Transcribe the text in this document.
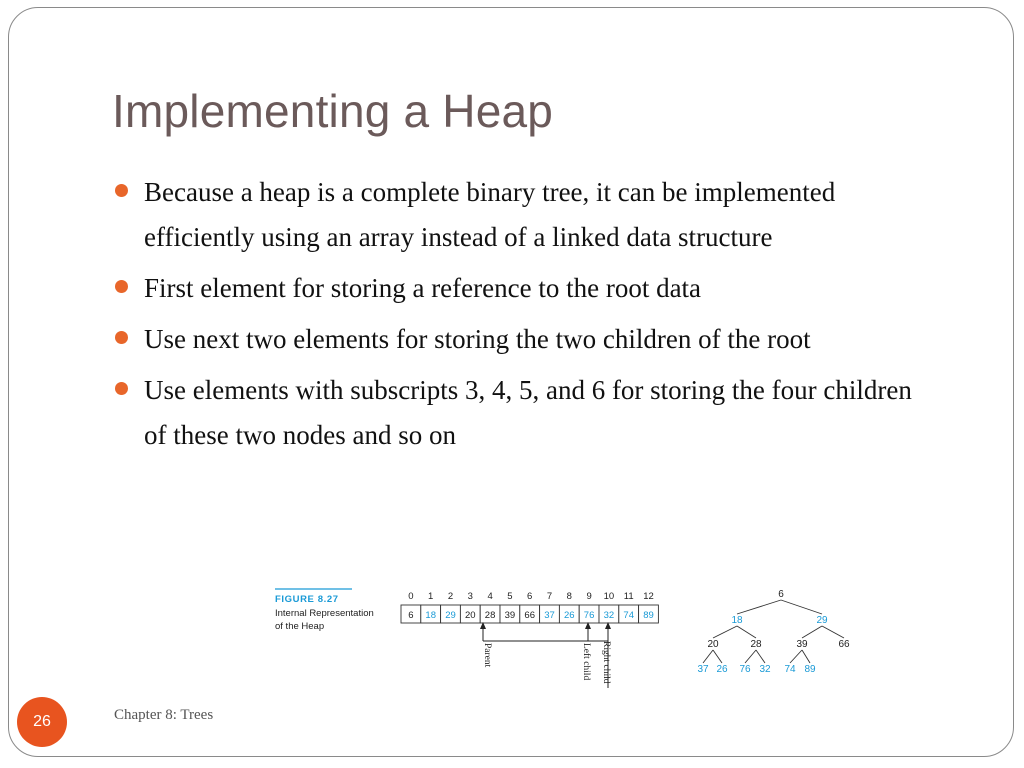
Implementing a Heap
Because a heap is a complete binary tree, it can be implemented efficiently using an array instead of a linked data structure
First element for storing a reference to the root data
Use next two elements for storing the two children of the root
Use elements with subscripts 3, 4, 5, and 6 for storing the four children of these two nodes and so on
FIGURE 8.27
Internal Representation
of the Heap
0 1 2 3 4 5 6 7 8 9 10 11 12
6 18 29 20 28 39 66 37 26 76 32 74 89
Parent	Left child Right child
6
18	29
20	28	39	66
37 26 76 32 74 89
26	Chapter 8: Trees
